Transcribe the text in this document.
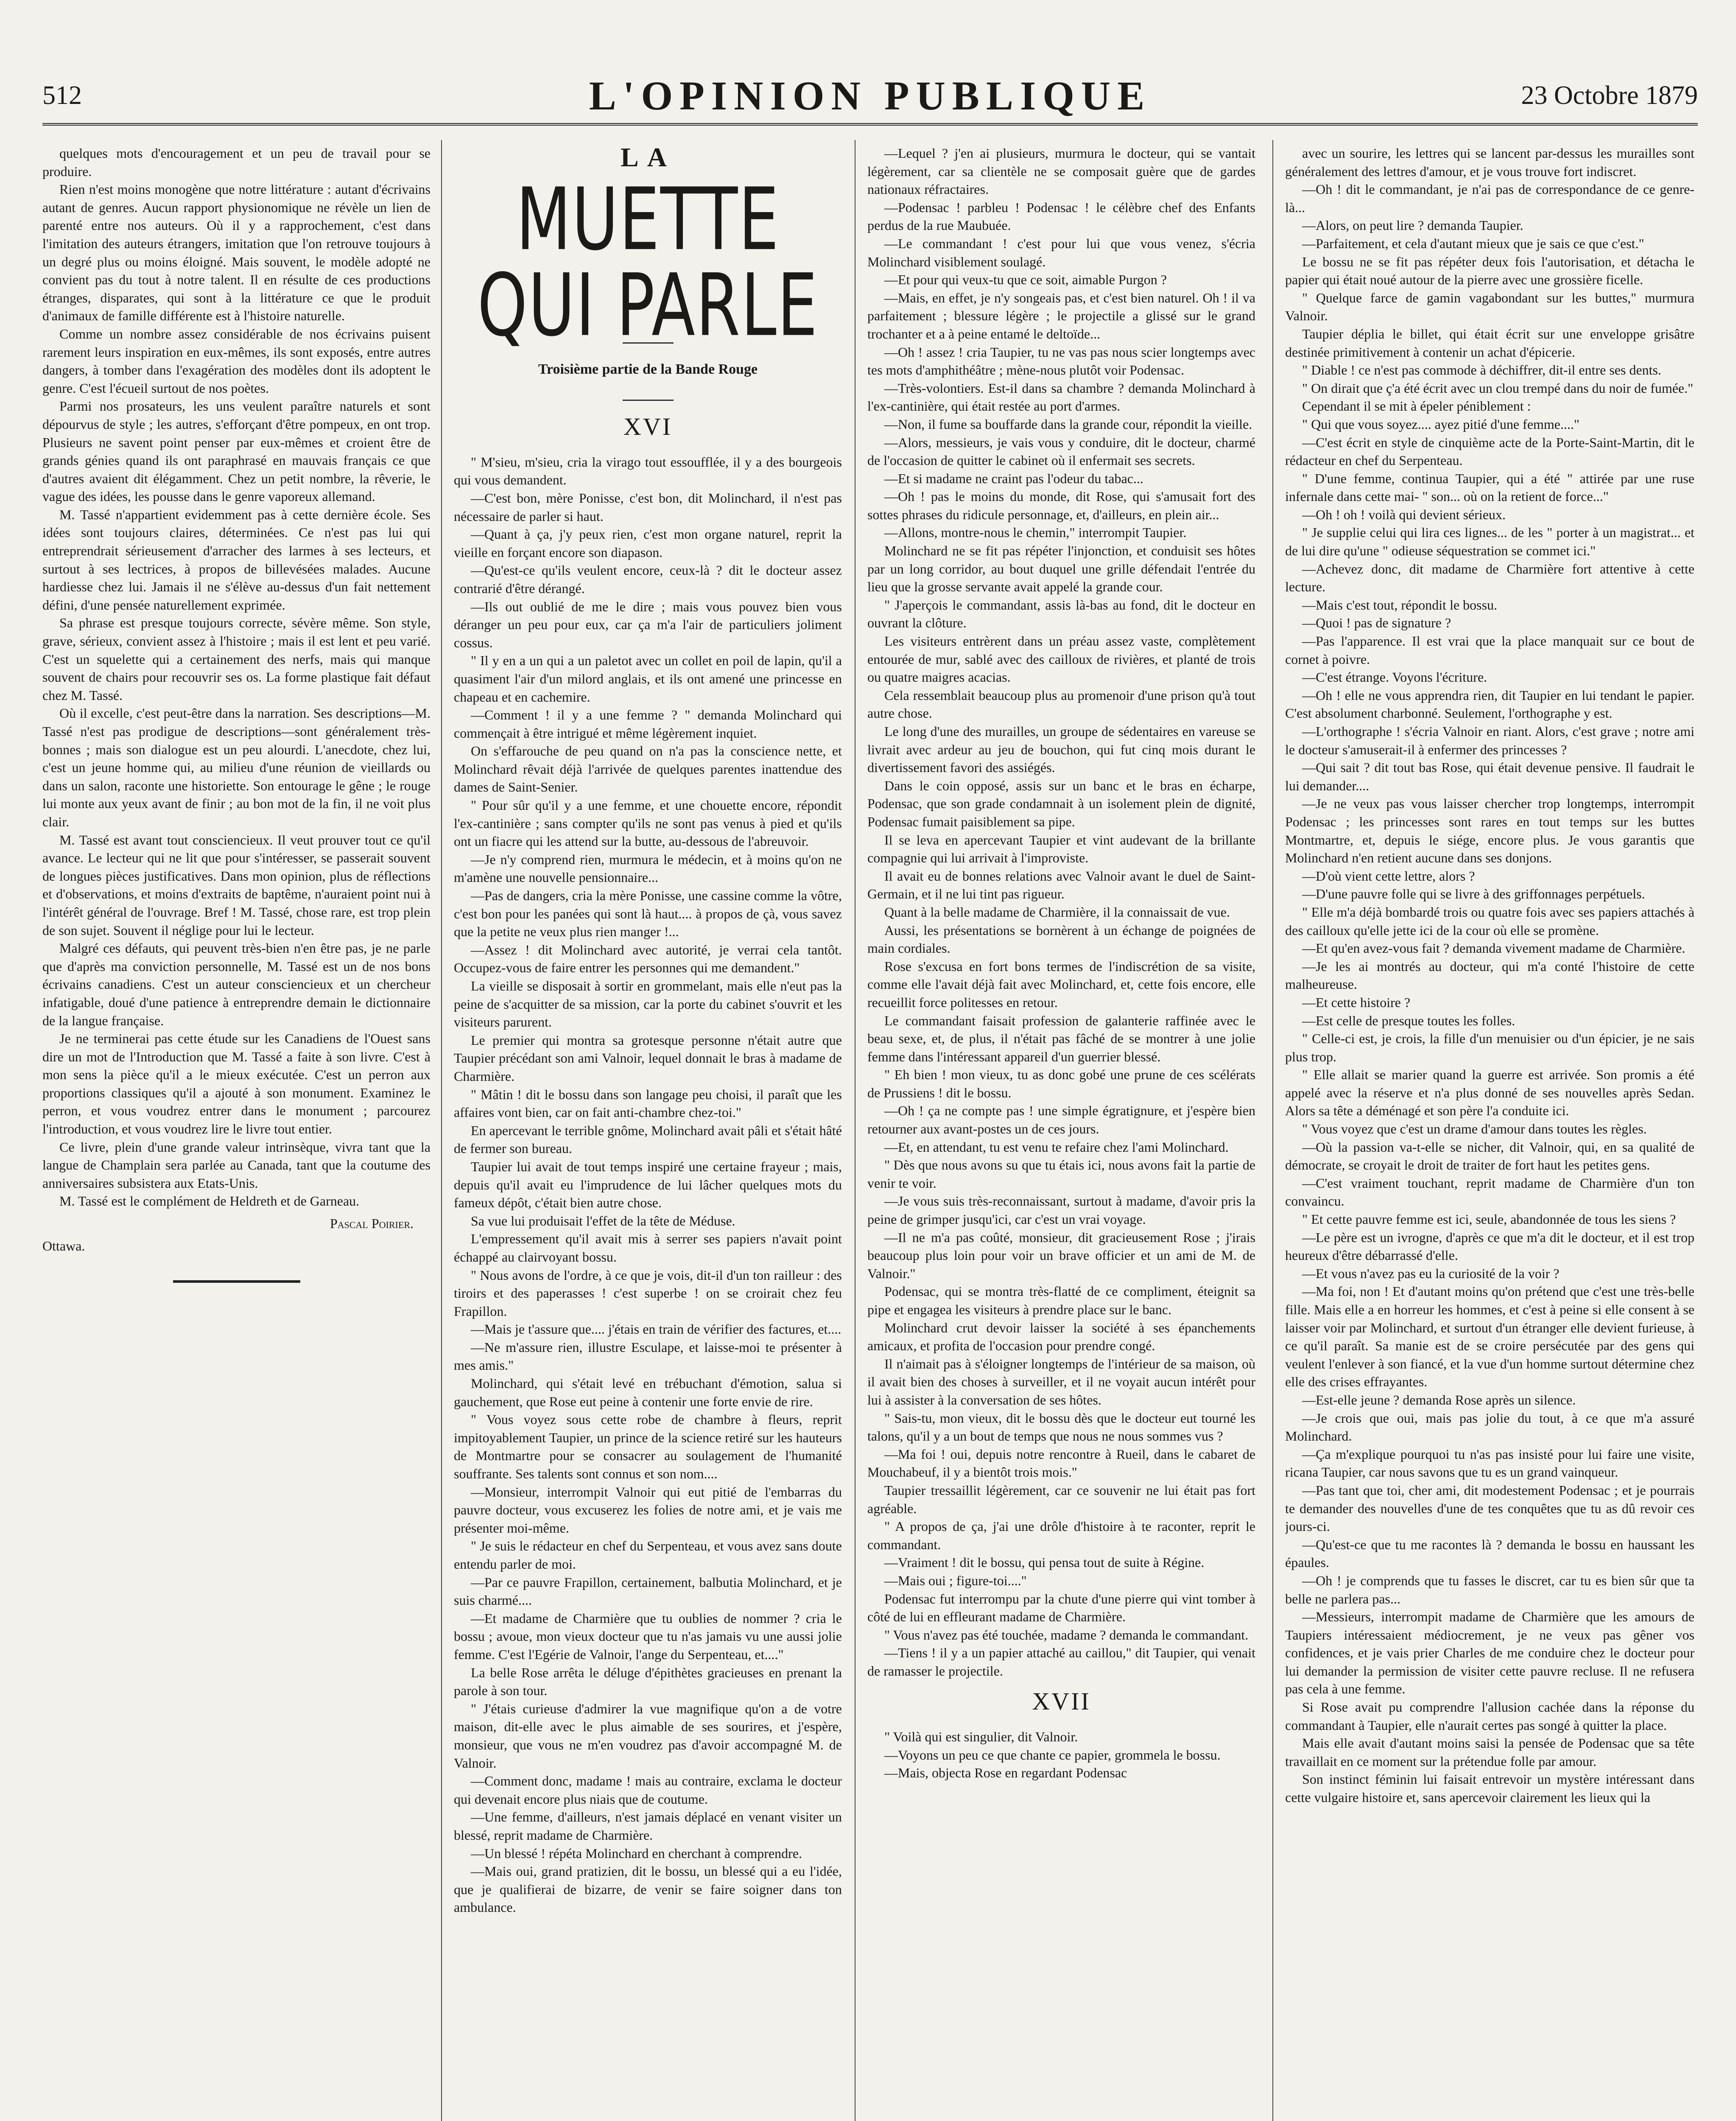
512	L'OPINION PUBLIQUE	23 Octobre 1879

quelques mots d'encouragement et un peu de travail pour se produire.

Rien n'est moins monogène que notre littérature : autant d'écrivains autant de genres. Aucun rapport physionomique ne révèle un lien de parenté entre nos auteurs. Où il y a rapprochement, c'est dans l'imitation des auteurs étrangers, imitation que l'on retrouve toujours à un degré plus ou moins éloigné. Mais souvent, le modèle adopté ne convient pas du tout à notre talent. Il en résulte de ces productions étranges, disparates, qui sont à la littérature ce que le produit d'animaux de famille différente est à l'histoire naturelle.

Comme un nombre assez considérable de nos écrivains puisent rarement leurs inspiration en eux-mêmes, ils sont exposés, entre autres dangers, à tomber dans l'exagération des modèles dont ils adoptent le genre. C'est l'écueil surtout de nos poètes.

Parmi nos prosateurs, les uns veulent paraître naturels et sont dépourvus de style ; les autres, s'efforçant d'être pompeux, en ont trop. Plusieurs ne savent point penser par eux-mêmes et croient être de grands génies quand ils ont paraphrasé en mauvais français ce que d'autres avaient dit élégamment. Chez un petit nombre, la rêverie, le vague des idées, les pousse dans le genre vaporeux allemand.

M. Tassé n'appartient evidemment pas à cette dernière école. Ses idées sont toujours claires, déterminées. Ce n'est pas lui qui entreprendrait sérieusement d'arracher des larmes à ses lecteurs, et surtout à ses lectrices, à propos de billevésées malades. Aucune hardiesse chez lui. Jamais il ne s'élève au-dessus d'un fait nettement défini, d'une pensée naturellement exprimée.

Sa phrase est presque toujours correcte, sévère même. Son style, grave, sérieux, convient assez à l'histoire ; mais il est lent et peu varié. C'est un squelette qui a certainement des nerfs, mais qui manque souvent de chairs pour recouvrir ses os. La forme plastique fait défaut chez M. Tassé.

Où il excelle, c'est peut-être dans la narration. Ses descriptions—M. Tassé n'est pas prodigue de descriptions—sont généralement très-bonnes ; mais son dialogue est un peu alourdi. L'anecdote, chez lui, c'est un jeune homme qui, au milieu d'une réunion de vieillards ou dans un salon, raconte une historiette. Son entourage le gêne ; le rouge lui monte aux yeux avant de finir ; au bon mot de la fin, il ne voit plus clair.

M. Tassé est avant tout consciencieux. Il veut prouver tout ce qu'il avance. Le lecteur qui ne lit que pour s'intéresser, se passerait souvent de longues pièces justificatives. Dans mon opinion, plus de réflections et d'observations, et moins d'extraits de baptême, n'auraient point nui à l'intérêt général de l'ouvrage. Bref ! M. Tassé, chose rare, est trop plein de son sujet. Souvent il néglige pour lui le lecteur.

Malgré ces défauts, qui peuvent très-bien n'en être pas, je ne parle que d'après ma conviction personnelle, M. Tassé est un de nos bons écrivains canadiens. C'est un auteur consciencieux et un chercheur infatigable, doué d'une patience à entreprendre demain le dictionnaire de la langue française.

Je ne terminerai pas cette étude sur les Canadiens de l'Ouest sans dire un mot de l'Introduction que M. Tassé a faite à son livre. C'est à mon sens la pièce qu'il a le mieux exécutée. C'est un perron aux proportions classiques qu'il a ajouté à son monument. Examinez le perron, et vous voudrez entrer dans le monument ; parcourez l'introduction, et vous voudrez lire le livre tout entier.

Ce livre, plein d'une grande valeur intrinsèque, vivra tant que la langue de Champlain sera parlée au Canada, tant que la coutume des anniversaires subsistera aux Etats-Unis.

M. Tassé est le complément de Heldreth et de Garneau.

Pascal Poirier.
Ottawa.
LA
MUETTE QUI PARLE
Troisième partie de la Bande Rouge
XVI

" M'sieu, m'sieu, cria la virago tout essoufflée, il y a des bourgeois qui vous demandent.

—C'est bon, mère Ponisse, c'est bon, dit Molinchard, il n'est pas nécessaire de parler si haut.

—Quant à ça, j'y peux rien, c'est mon organe naturel, reprit la vieille en forçant encore son diapason.

—Qu'est-ce qu'ils veulent encore, ceux-là ? dit le docteur assez contrarié d'être dérangé.

—Ils out oublié de me le dire ; mais vous pouvez bien vous déranger un peu pour eux, car ça m'a l'air de particuliers joliment cossus.

" Il y en a un qui a un paletot avec un collet en poil de lapin, qu'il a quasiment l'air d'un milord anglais, et ils ont amené une princesse en chapeau et en cachemire.

—Comment ! il y a une femme ? " demanda Molinchard qui commençait à être intrigué et même légèrement inquiet.

On s'effarouche de peu quand on n'a pas la conscience nette, et Molinchard rêvait déjà l'arrivée de quelques parentes inattendue des dames de Saint-Senier.

" Pour sûr qu'il y a une femme, et une chouette encore, répondit l'ex-cantinière ; sans compter qu'ils ne sont pas venus à pied et qu'ils ont un fiacre qui les attend sur la butte, au-dessous de l'abreuvoir.

—Je n'y comprend rien, murmura le médecin, et à moins qu'on ne m'amène une nouvelle pensionnaire...

—Pas de dangers, cria la mère Ponisse, une cassine comme la vôtre, c'est bon pour les panées qui sont là haut.... à propos de çà, vous savez que la petite ne veux plus rien manger !...

—Assez ! dit Molinchard avec autorité, je verrai cela tantôt. Occupez-vous de faire entrer les personnes qui me demandent."

La vieille se disposait à sortir en grommelant, mais elle n'eut pas la peine de s'acquitter de sa mission, car la porte du cabinet s'ouvrit et les visiteurs parurent.

Le premier qui montra sa grotesque personne n'était autre que Taupier précédant son ami Valnoir, lequel donnait le bras à madame de Charmière.

" Mâtin ! dit le bossu dans son langage peu choisi, il paraît que les affaires vont bien, car on fait anti-chambre chez-toi."

En apercevant le terrible gnôme, Molinchard avait pâli et s'était hâté de fermer son bureau.

Taupier lui avait de tout temps inspiré une certaine frayeur ; mais, depuis qu'il avait eu l'imprudence de lui lâcher quelques mots du fameux dépôt, c'était bien autre chose.

Sa vue lui produisait l'effet de la tête de Méduse.

L'empressement qu'il avait mis à serrer ses papiers n'avait point échappé au clairvoyant bossu.

" Nous avons de l'ordre, à ce que je vois, dit-il d'un ton railleur : des tiroirs et des paperasses ! c'est superbe ! on se croirait chez feu Frapillon.

—Mais je t'assure que.... j'étais en train de vérifier des factures, et....

—Ne m'assure rien, illustre Esculape, et laisse-moi te présenter à mes amis."

Molinchard, qui s'était levé en trébuchant d'émotion, salua si gauchement, que Rose eut peine à contenir une forte envie de rire.

" Vous voyez sous cette robe de chambre à fleurs, reprit impitoyablement Taupier, un prince de la science retiré sur les hauteurs de Montmartre pour se consacrer au soulagement de l'humanité souffrante. Ses talents sont connus et son nom....

—Monsieur, interrompit Valnoir qui eut pitié de l'embarras du pauvre docteur, vous excuserez les folies de notre ami, et je vais me présenter moi-même.

" Je suis le rédacteur en chef du Serpenteau, et vous avez sans doute entendu parler de moi.

—Par ce pauvre Frapillon, certainement, balbutia Molinchard, et je suis charmé....

—Et madame de Charmière que tu oublies de nommer ? cria le bossu ; avoue, mon vieux docteur que tu n'as jamais vu une aussi jolie femme. C'est l'Egérie de Valnoir, l'ange du Serpenteau, et...."

La belle Rose arrêta le déluge d'épithètes gracieuses en prenant la parole à son tour.

" J'étais curieuse d'admirer la vue magnifique qu'on a de votre maison, dit-elle avec le plus aimable de ses sourires, et j'espère, monsieur, que vous ne m'en voudrez pas d'avoir accompagné M. de Valnoir.

—Comment donc, madame ! mais au contraire, exclama le docteur qui devenait encore plus niais que de coutume.

—Une femme, d'ailleurs, n'est jamais déplacé en venant visiter un blessé, reprit madame de Charmière.

—Un blessé ! répéta Molinchard en cherchant à comprendre.

—Mais oui, grand pratizien, dit le bossu, un blessé qui a eu l'idée, que je qualifierai de bizarre, de venir se faire soigner dans ton ambulance.

—Lequel ? j'en ai plusieurs, murmura le docteur, qui se vantait légèrement, car sa clientèle ne se composait guère que de gardes nationaux réfractaires.

—Podensac ! parbleu ! Podensac ! le célèbre chef des Enfants perdus de la rue Maubuée.

—Le commandant ! c'est pour lui que vous venez, s'écria Molinchard visiblement soulagé.

—Et pour qui veux-tu que ce soit, aimable Purgon ?

—Mais, en effet, je n'y songeais pas, et c'est bien naturel. Oh ! il va parfaitement ; blessure légère ; le projectile a glissé sur le grand trochanter et a à peine entamé le deltoïde...

—Oh ! assez ! cria Taupier, tu ne vas pas nous scier longtemps avec tes mots d'amphithéâtre ; mène-nous plutôt voir Podensac.

—Très-volontiers. Est-il dans sa chambre ? demanda Molinchard à l'ex-cantinière, qui était restée au port d'armes.

—Non, il fume sa bouffarde dans la grande cour, répondit la vieille.

—Alors, messieurs, je vais vous y conduire, dit le docteur, charmé de l'occasion de quitter le cabinet où il enfermait ses secrets.

—Et si madame ne craint pas l'odeur du tabac...

—Oh ! pas le moins du monde, dit Rose, qui s'amusait fort des sottes phrases du ridicule personnage, et, d'ailleurs, en plein air...

—Allons, montre-nous le chemin," interrompit Taupier.

Molinchard ne se fit pas répéter l'injonction, et conduisit ses hôtes par un long corridor, au bout duquel une grille défendait l'entrée du lieu que la grosse servante avait appelé la grande cour.

" J'aperçois le commandant, assis là-bas au fond, dit le docteur en ouvrant la clôture.

Les visiteurs entrèrent dans un préau assez vaste, complètement entourée de mur, sablé avec des cailloux de rivières, et planté de trois ou quatre maigres acacias.

Cela ressemblait beaucoup plus au promenoir d'une prison qu'à tout autre chose.

Le long d'une des murailles, un groupe de sédentaires en vareuse se livrait avec ardeur au jeu de bouchon, qui fut cinq mois durant le divertissement favori des assiégés.

Dans le coin opposé, assis sur un banc et le bras en écharpe, Podensac, que son grade condamnait à un isolement plein de dignité, Podensac fumait paisiblement sa pipe.

Il se leva en apercevant Taupier et vint audevant de la brillante compagnie qui lui arrivait à l'improviste.

Il avait eu de bonnes relations avec Valnoir avant le duel de Saint-Germain, et il ne lui tint pas rigueur.

Quant à la belle madame de Charmière, il la connaissait de vue.

Aussi, les présentations se bornèrent à un échange de poignées de main cordiales.

Rose s'excusa en fort bons termes de l'indiscrétion de sa visite, comme elle l'avait déjà fait avec Molinchard, et, cette fois encore, elle recueillit force politesses en retour.

Le commandant faisait profession de galanterie raffinée avec le beau sexe, et, de plus, il n'était pas fâché de se montrer à une jolie femme dans l'intéressant appareil d'un guerrier blessé.

" Eh bien ! mon vieux, tu as donc gobé une prune de ces scélérats de Prussiens ! dit le bossu.

—Oh ! ça ne compte pas ! une simple égratignure, et j'espère bien retourner aux avant-postes un de ces jours.

—Et, en attendant, tu est venu te refaire chez l'ami Molinchard.

" Dès que nous avons su que tu étais ici, nous avons fait la partie de venir te voir.

—Je vous suis très-reconnaissant, surtout à madame, d'avoir pris la peine de grimper jusqu'ici, car c'est un vrai voyage.

—Il ne m'a pas coûté, monsieur, dit gracieusement Rose ; j'irais beaucoup plus loin pour voir un brave officier et un ami de M. de Valnoir."

Podensac, qui se montra très-flatté de ce compliment, éteignit sa pipe et engagea les visiteurs à prendre place sur le banc.

Molinchard crut devoir laisser la société à ses épanchements amicaux, et profita de l'occasion pour prendre congé.

Il n'aimait pas à s'éloigner longtemps de l'intérieur de sa maison, où il avait bien des choses à surveiller, et il ne voyait aucun intérêt pour lui à assister à la conversation de ses hôtes.

" Sais-tu, mon vieux, dit le bossu dès que le docteur eut tourné les talons, qu'il y a un bout de temps que nous ne nous sommes vus ?

—Ma foi ! oui, depuis notre rencontre à Rueil, dans le cabaret de Mouchabeuf, il y a bientôt trois mois."

Taupier tressaillit légèrement, car ce souvenir ne lui était pas fort agréable.

" A propos de ça, j'ai une drôle d'histoire à te raconter, reprit le commandant.

—Vraiment ! dit le bossu, qui pensa tout de suite à Régine.

—Mais oui ; figure-toi...."

Podensac fut interrompu par la chute d'une pierre qui vint tomber à côté de lui en effleurant madame de Charmière.

" Vous n'avez pas été touchée, madame ? demanda le commandant.

—Tiens ! il y a un papier attaché au caillou," dit Taupier, qui venait de ramasser le projectile.

XVII

" Voilà qui est singulier, dit Valnoir.

—Voyons un peu ce que chante ce papier, grommela le bossu.

—Mais, objecta Rose en regardant Podensac

avec un sourire, les lettres qui se lancent par-dessus les murailles sont généralement des lettres d'amour, et je vous trouve fort indiscret.

—Oh ! dit le commandant, je n'ai pas de correspondance de ce genre-là...

—Alors, on peut lire ? demanda Taupier.

—Parfaitement, et cela d'autant mieux que je sais ce que c'est."

Le bossu ne se fit pas répéter deux fois l'autorisation, et détacha le papier qui était noué autour de la pierre avec une grossière ficelle.

" Quelque farce de gamin vagabondant sur les buttes," murmura Valnoir.

Taupier déplia le billet, qui était écrit sur une enveloppe grisâtre destinée primitivement à contenir un achat d'épicerie.

" Diable ! ce n'est pas commode à déchiffrer, dit-il entre ses dents.

" On dirait que ç'a été écrit avec un clou trempé dans du noir de fumée."

Cependant il se mit à épeler péniblement :

" Qui que vous soyez.... ayez pitié d'une femme...."

—C'est écrit en style de cinquième acte de la Porte-Saint-Martin, dit le rédacteur en chef du Serpenteau.

" D'une femme, continua Taupier, qui a été " attirée par une ruse infernale dans cette mai- " son... où on la retient de force..."

—Oh ! oh ! voilà qui devient sérieux.

" Je supplie celui qui lira ces lignes... de les " porter à un magistrat... et de lui dire qu'une " odieuse séquestration se commet ici."

—Achevez donc, dit madame de Charmière fort attentive à cette lecture.

—Mais c'est tout, répondit le bossu.

—Quoi ! pas de signature ?

—Pas l'apparence. Il est vrai que la place manquait sur ce bout de cornet à poivre.

—C'est étrange. Voyons l'écriture.

—Oh ! elle ne vous apprendra rien, dit Taupier en lui tendant le papier. C'est absolument charbonné. Seulement, l'orthographe y est.

—L'orthographe ! s'écria Valnoir en riant. Alors, c'est grave ; notre ami le docteur s'amuserait-il à enfermer des princesses ?

—Qui sait ? dit tout bas Rose, qui était devenue pensive. Il faudrait le lui demander....

—Je ne veux pas vous laisser chercher trop longtemps, interrompit Podensac ; les princesses sont rares en tout temps sur les buttes Montmartre, et, depuis le siége, encore plus. Je vous garantis que Molinchard n'en retient aucune dans ses donjons.

—D'où vient cette lettre, alors ?

—D'une pauvre folle qui se livre à des griffonnages perpétuels.

" Elle m'a déjà bombardé trois ou quatre fois avec ses papiers attachés à des cailloux qu'elle jette ici de la cour où elle se promène.

—Et qu'en avez-vous fait ? demanda vivement madame de Charmière.

—Je les ai montrés au docteur, qui m'a conté l'histoire de cette malheureuse.

—Et cette histoire ?

—Est celle de presque toutes les folles.

" Celle-ci est, je crois, la fille d'un menuisier ou d'un épicier, je ne sais plus trop.

" Elle allait se marier quand la guerre est arrivée. Son promis a été appelé avec la réserve et n'a plus donné de ses nouvelles après Sedan. Alors sa tête a déménagé et son père l'a conduite ici.

" Vous voyez que c'est un drame d'amour dans toutes les règles.

—Où la passion va-t-elle se nicher, dit Valnoir, qui, en sa qualité de démocrate, se croyait le droit de traiter de fort haut les petites gens.

—C'est vraiment touchant, reprit madame de Charmière d'un ton convaincu.

" Et cette pauvre femme est ici, seule, abandonnée de tous les siens ?

—Le père est un ivrogne, d'après ce que m'a dit le docteur, et il est trop heureux d'être débarrassé d'elle.

—Et vous n'avez pas eu la curiosité de la voir ?

—Ma foi, non ! Et d'autant moins qu'on prétend que c'est une très-belle fille. Mais elle a en horreur les hommes, et c'est à peine si elle consent à se laisser voir par Molinchard, et surtout d'un étranger elle devient furieuse, à ce qu'il paraît. Sa manie est de se croire persécutée par des gens qui veulent l'enlever à son fiancé, et la vue d'un homme surtout détermine chez elle des crises effrayantes.

—Est-elle jeune ? demanda Rose après un silence.

—Je crois que oui, mais pas jolie du tout, à ce que m'a assuré Molinchard.

—Ça m'explique pourquoi tu n'as pas insisté pour lui faire une visite, ricana Taupier, car nous savons que tu es un grand vainqueur.

—Pas tant que toi, cher ami, dit modestement Podensac ; et je pourrais te demander des nouvelles d'une de tes conquêtes que tu as dû revoir ces jours-ci.

—Qu'est-ce que tu me racontes là ? demanda le bossu en haussant les épaules.

—Oh ! je comprends que tu fasses le discret, car tu es bien sûr que ta belle ne parlera pas...

—Messieurs, interrompit madame de Charmière que les amours de Taupiers intéressaient médiocrement, je ne veux pas gêner vos confidences, et je vais prier Charles de me conduire chez le docteur pour lui demander la permission de visiter cette pauvre recluse. Il ne refusera pas cela à une femme.

Si Rose avait pu comprendre l'allusion cachée dans la réponse du commandant à Taupier, elle n'aurait certes pas songé à quitter la place.

Mais elle avait d'autant moins saisi la pensée de Podensac que sa tête travaillait en ce moment sur la prétendue folle par amour.

Son instinct féminin lui faisait entrevoir un mystère intéressant dans cette vulgaire histoire et, sans apercevoir clairement les lieux qui la
